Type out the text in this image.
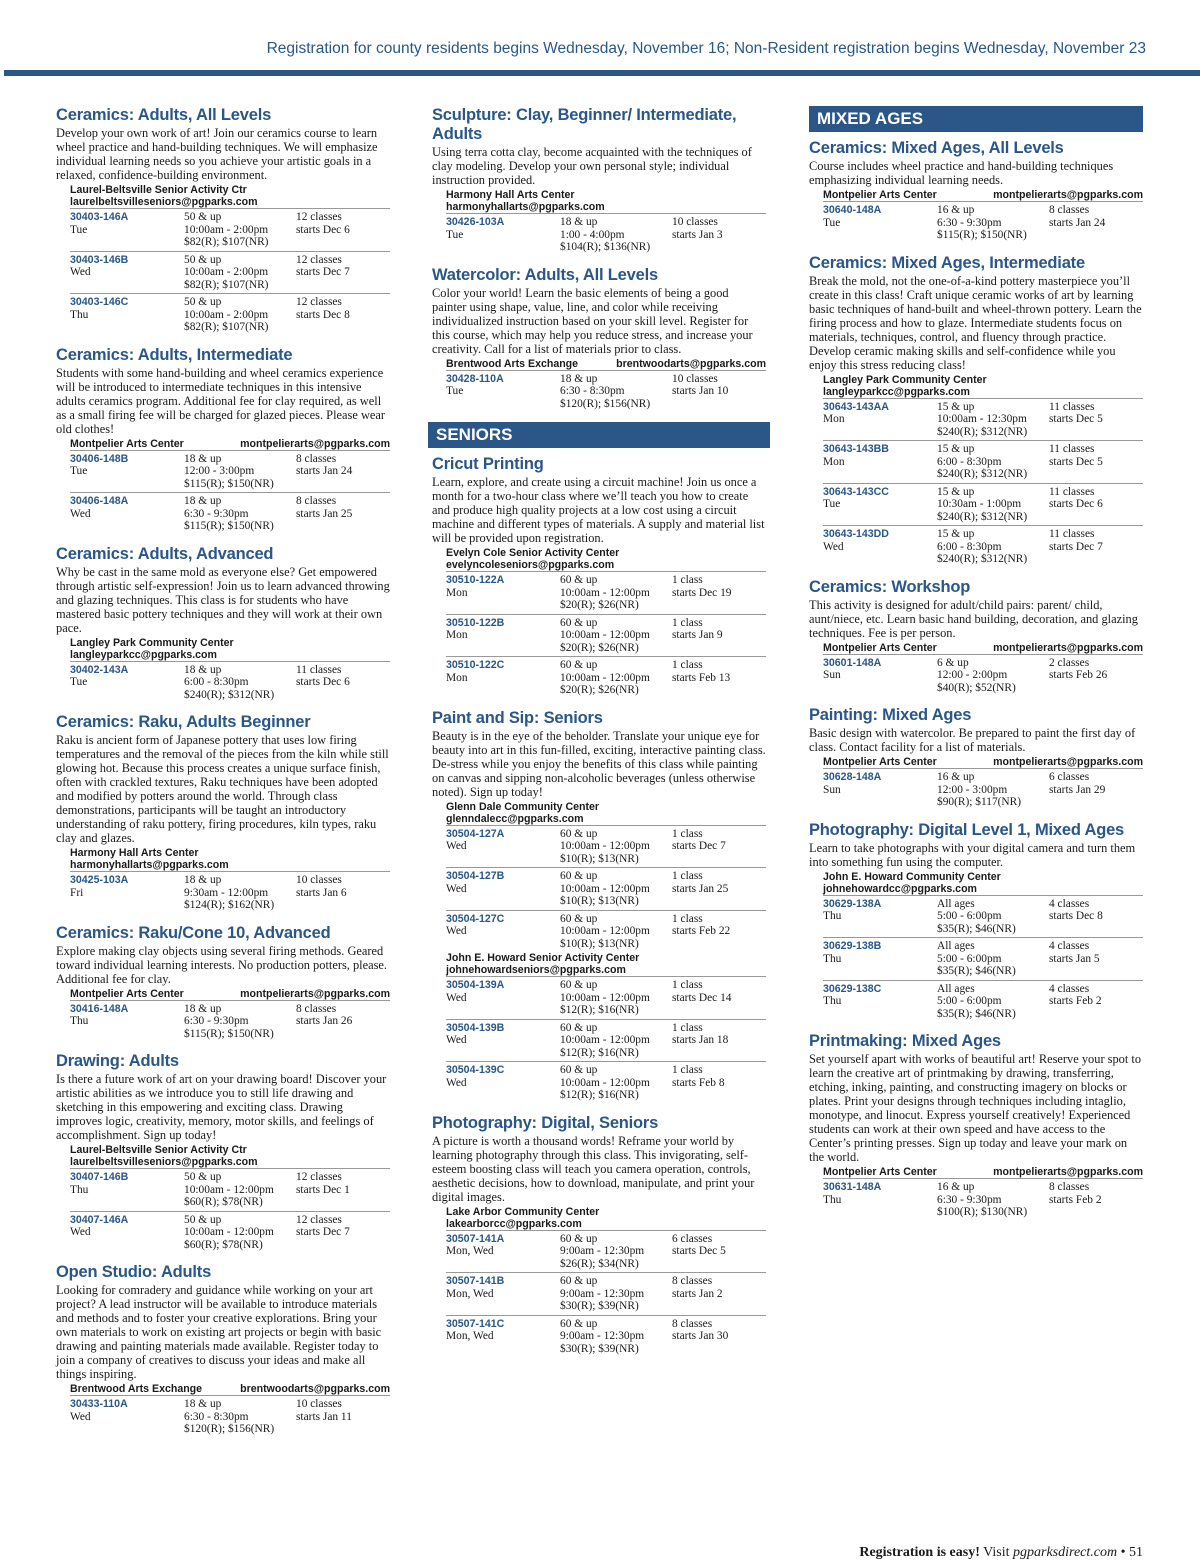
Registration for county residents begins Wednesday, November 16; Non-Resident registration begins Wednesday, November 23
Ceramics: Adults, All Levels
Develop your own work of art! Join our ceramics course to learn wheel practice and hand-building techniques. We will emphasize individual learning needs so you achieve your artistic goals in a relaxed, confidence-building environment.
Laurel-Beltsville Senior Activity Ctr
laurelbeltsvilleseniors@pgparks.com
30403-146A	50 & up	12 classes
Tue	10:00am - 2:00pm	starts Dec 6
$82(R); $107(NR)
30403-146B	50 & up	12 classes
Wed	10:00am - 2:00pm	starts Dec 7
$82(R); $107(NR)
30403-146C	50 & up	12 classes
Thu	10:00am - 2:00pm	starts Dec 8
$82(R); $107(NR)
Ceramics: Adults, Intermediate
Students with some hand-building and wheel ceramics experience will be introduced to intermediate techniques in this intensive adults ceramics program. Additional fee for clay required, as well as a small firing fee will be charged for glazed pieces. Please wear old clothes!
Montpelier Arts Center	montpelierarts@pgparks.com
30406-148B	18 & up	8 classes
Tue	12:00 - 3:00pm	starts Jan 24
$115(R); $150(NR)
30406-148A	18 & up	8 classes
Wed	6:30 - 9:30pm	starts Jan 25
$115(R); $150(NR)
Ceramics: Adults, Advanced
Why be cast in the same mold as everyone else? Get empowered through artistic self-expression! Join us to learn advanced throwing and glazing techniques. This class is for students who have mastered basic pottery techniques and they will work at their own pace.
Langley Park Community Center
langleyparkcc@pgparks.com
30402-143A	18 & up	11 classes
Tue	6:00 - 8:30pm	starts Dec 6
$240(R); $312(NR)
Ceramics: Raku, Adults Beginner
Raku is ancient form of Japanese pottery that uses low firing temperatures and the removal of the pieces from the kiln while still glowing hot. Because this process creates a unique surface finish, often with crackled textures, Raku techniques have been adopted and modified by potters around the world. Through class demonstrations, participants will be taught an introductory understanding of raku pottery, firing procedures, kiln types, raku clay and glazes.
Harmony Hall Arts Center
harmonyhallarts@pgparks.com
30425-103A	18 & up	10 classes
Fri	9:30am - 12:00pm	starts Jan 6
$124(R); $162(NR)
Ceramics: Raku/Cone 10, Advanced
Explore making clay objects using several firing methods. Geared toward individual learning interests. No production potters, please. Additional fee for clay.
Montpelier Arts Center	montpelierarts@pgparks.com
30416-148A	18 & up	8 classes
Thu	6:30 - 9:30pm	starts Jan 26
$115(R); $150(NR)
Drawing: Adults
Is there a future work of art on your drawing board! Discover your artistic abilities as we introduce you to still life drawing and sketching in this empowering and exciting class. Drawing improves logic, creativity, memory, motor skills, and feelings of accomplishment. Sign up today!
Laurel-Beltsville Senior Activity Ctr
laurelbeltsvilleseniors@pgparks.com
30407-146B	50 & up	12 classes
Thu	10:00am - 12:00pm	starts Dec 1
$60(R); $78(NR)
30407-146A	50 & up	12 classes
Wed	10:00am - 12:00pm	starts Dec 7
$60(R); $78(NR)
Open Studio: Adults
Looking for comradery and guidance while working on your art project? A lead instructor will be available to introduce materials and methods and to foster your creative explorations. Bring your own materials to work on existing art projects or begin with basic drawing and painting materials made available. Register today to join a company of creatives to discuss your ideas and make all things inspiring.
Brentwood Arts Exchange	brentwoodarts@pgparks.com
30433-110A	18 & up	10 classes
Wed	6:30 - 8:30pm	starts Jan 11
$120(R); $156(NR)
Sculpture: Clay, Beginner/ Intermediate, Adults
Using terra cotta clay, become acquainted with the techniques of clay modeling. Develop your own personal style; individual instruction provided.
Harmony Hall Arts Center
harmonyhallarts@pgparks.com
30426-103A	18 & up	10 classes
Tue	1:00 - 4:00pm	starts Jan 3
$104(R); $136(NR)
Watercolor: Adults, All Levels
Color your world! Learn the basic elements of being a good painter using shape, value, line, and color while receiving individualized instruction based on your skill level. Register for this course, which may help you reduce stress, and increase your creativity. Call for a list of materials prior to class.
Brentwood Arts Exchange	brentwoodarts@pgparks.com
30428-110A	18 & up	10 classes
Tue	6:30 - 8:30pm	starts Jan 10
$120(R); $156(NR)
SENIORS
Cricut Printing
Learn, explore, and create using a circuit machine! Join us once a month for a two-hour class where we’ll teach you how to create and produce high quality projects at a low cost using a circuit machine and different types of materials. A supply and material list will be provided upon registration.
Evelyn Cole Senior Activity Center
evelyncoleseniors@pgparks.com
30510-122A	60 & up	1 class
Mon	10:00am - 12:00pm	starts Dec 19
$20(R); $26(NR)
30510-122B	60 & up	1 class
Mon	10:00am - 12:00pm	starts Jan 9
$20(R); $26(NR)
30510-122C	60 & up	1 class
Mon	10:00am - 12:00pm	starts Feb 13
$20(R); $26(NR)
Paint and Sip: Seniors
Beauty is in the eye of the beholder. Translate your unique eye for beauty into art in this fun-filled, exciting, interactive painting class. De-stress while you enjoy the benefits of this class while painting on canvas and sipping non-alcoholic beverages (unless otherwise noted). Sign up today!
Glenn Dale Community Center
glenndalecc@pgparks.com
30504-127A	60 & up	1 class
Wed	10:00am - 12:00pm	starts Dec 7
$10(R); $13(NR)
30504-127B	60 & up	1 class
Wed	10:00am - 12:00pm	starts Jan 25
$10(R); $13(NR)
30504-127C	60 & up	1 class
Wed	10:00am - 12:00pm	starts Feb 22
$10(R); $13(NR)
John E. Howard Senior Activity Center
johnehowardseniors@pgparks.com
30504-139A	60 & up	1 class
Wed	10:00am - 12:00pm	starts Dec 14
$12(R); $16(NR)
30504-139B	60 & up	1 class
Wed	10:00am - 12:00pm	starts Jan 18
$12(R); $16(NR)
30504-139C	60 & up	1 class
Wed	10:00am - 12:00pm	starts Feb 8
$12(R); $16(NR)
Photography: Digital, Seniors
A picture is worth a thousand words! Reframe your world by learning photography through this class. This invigorating, self-esteem boosting class will teach you camera operation, controls, aesthetic decisions, how to download, manipulate, and print your digital images.
Lake Arbor Community Center
lakearborcc@pgparks.com
30507-141A	60 & up	6 classes
Mon, Wed	9:00am - 12:30pm	starts Dec 5
$26(R); $34(NR)
30507-141B	60 & up	8 classes
Mon, Wed	9:00am - 12:30pm	starts Jan 2
$30(R); $39(NR)
30507-141C	60 & up	8 classes
Mon, Wed	9:00am - 12:30pm	starts Jan 30
$30(R); $39(NR)
MIXED AGES
Ceramics: Mixed Ages, All Levels
Course includes wheel practice and hand-building techniques emphasizing individual learning needs.
Montpelier Arts Center	montpelierarts@pgparks.com
30640-148A	16 & up	8 classes
Tue	6:30 - 9:30pm	starts Jan 24
$115(R); $150(NR)
Ceramics: Mixed Ages, Intermediate
Break the mold, not the one-of-a-kind pottery masterpiece you’ll create in this class! Craft unique ceramic works of art by learning basic techniques of hand-built and wheel-thrown pottery. Learn the firing process and how to glaze. Intermediate students focus on materials, techniques, control, and fluency through practice. Develop ceramic making skills and self-confidence while you enjoy this stress reducing class!
Langley Park Community Center
langleyparkcc@pgparks.com
30643-143AA	15 & up	11 classes
Mon	10:00am - 12:30pm	starts Dec 5
$240(R); $312(NR)
30643-143BB	15 & up	11 classes
Mon	6:00 - 8:30pm	starts Dec 5
$240(R); $312(NR)
30643-143CC	15 & up	11 classes
Tue	10:30am - 1:00pm	starts Dec 6
$240(R); $312(NR)
30643-143DD	15 & up	11 classes
Wed	6:00 - 8:30pm	starts Dec 7
$240(R); $312(NR)
Ceramics: Workshop
This activity is designed for adult/child pairs: parent/ child, aunt/niece, etc. Learn basic hand building, decoration, and glazing techniques. Fee is per person.
Montpelier Arts Center	montpelierarts@pgparks.com
30601-148A	6 & up	2 classes
Sun	12:00 - 2:00pm	starts Feb 26
$40(R); $52(NR)
Painting: Mixed Ages
Basic design with watercolor. Be prepared to paint the first day of class. Contact facility for a list of materials.
Montpelier Arts Center	montpelierarts@pgparks.com
30628-148A	16 & up	6 classes
Sun	12:00 - 3:00pm	starts Jan 29
$90(R); $117(NR)
Photography: Digital Level 1, Mixed Ages
Learn to take photographs with your digital camera and turn them into something fun using the computer.
John E. Howard Community Center
johnehowardcc@pgparks.com
30629-138A	All ages	4 classes
Thu	5:00 - 6:00pm	starts Dec 8
$35(R); $46(NR)
30629-138B	All ages	4 classes
Thu	5:00 - 6:00pm	starts Jan 5
$35(R); $46(NR)
30629-138C	All ages	4 classes
Thu	5:00 - 6:00pm	starts Feb 2
$35(R); $46(NR)
Printmaking: Mixed Ages
Set yourself apart with works of beautiful art! Reserve your spot to learn the creative art of printmaking by drawing, transferring, etching, inking, painting, and constructing imagery on blocks or plates. Print your designs through techniques including intaglio, monotype, and linocut. Express yourself creatively! Experienced students can work at their own speed and have access to the Center’s printing presses. Sign up today and leave your mark on the world.
Montpelier Arts Center	montpelierarts@pgparks.com
30631-148A	16 & up	8 classes
Thu	6:30 - 9:30pm	starts Feb 2
$100(R); $130(NR)
Registration is easy! Visit pgparksdirect.com • 51
